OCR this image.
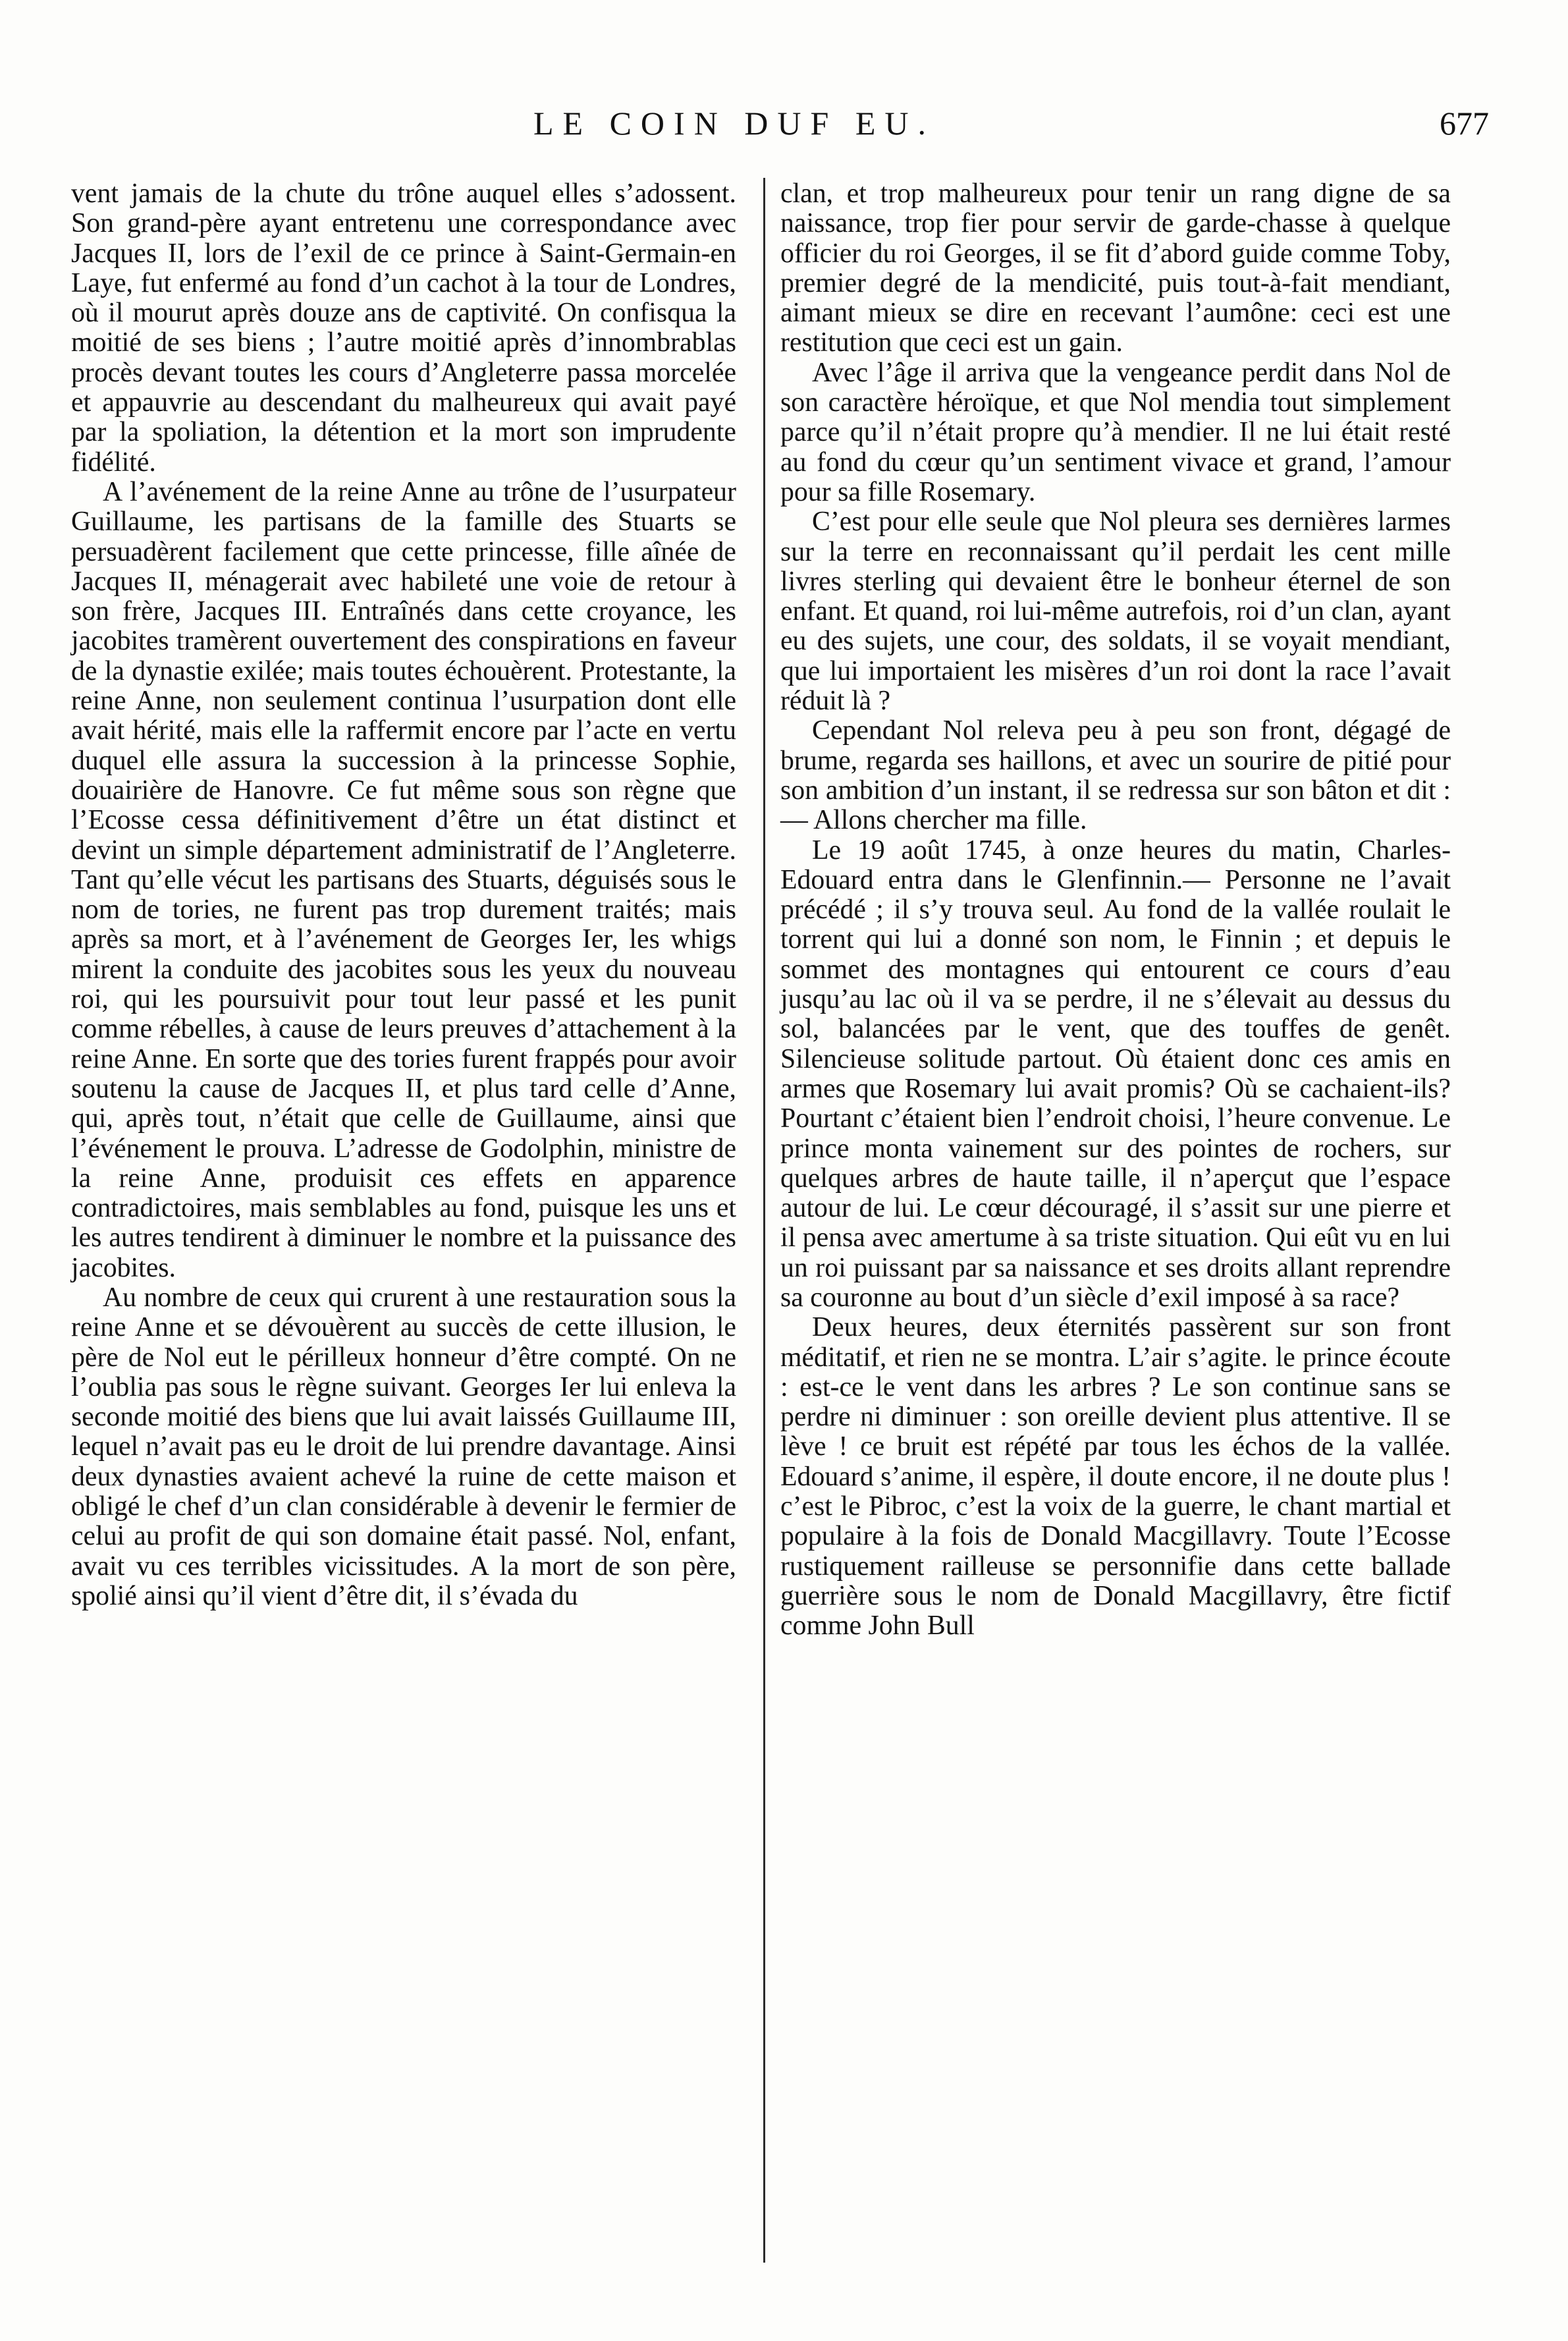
LE COIN DUF EU.	677

vent jamais de la chute du trône auquel elles s’adossent. Son grand-père ayant entretenu une correspondance avec Jacques II, lors de l’exil de ce prince à Saint-Germain-en Laye, fut enfermé au fond d’un cachot à la tour de Londres, où il mourut après douze ans de captivité. On confisqua la moitié de ses biens ; l’autre moitié après d’innombrablas procès devant toutes les cours d’Angleterre passa morcelée et appauvrie au descendant du malheureux qui avait payé par la spoliation, la détention et la mort son imprudente fidélité.

A l’avénement de la reine Anne au trône de l’usurpateur Guillaume, les partisans de la famille des Stuarts se persuadèrent facilement que cette princesse, fille aînée de Jacques II, ménagerait avec habileté une voie de retour à son frère, Jacques III. Entraînés dans cette croyance, les jacobites tramèrent ouvertement des conspirations en faveur de la dynastie exilée; mais toutes échouèrent. Protestante, la reine Anne, non seulement continua l’usurpation dont elle avait hérité, mais elle la raffermit encore par l’acte en vertu duquel elle assura la succession à la princesse Sophie, douairière de Hanovre. Ce fut même sous son règne que l’Ecosse cessa définitivement d’être un état distinct et devint un simple département administratif de l’Angleterre. Tant qu’elle vécut les partisans des Stuarts, déguisés sous le nom de tories, ne furent pas trop durement traités; mais après sa mort, et à l’avénement de Georges Ier, les whigs mirent la conduite des jacobites sous les yeux du nouveau roi, qui les poursuivit pour tout leur passé et les punit comme rébelles, à cause de leurs preuves d’attachement à la reine Anne. En sorte que des tories furent frappés pour avoir soutenu la cause de Jacques II, et plus tard celle d’Anne, qui, après tout, n’était que celle de Guillaume, ainsi que l’événement le prouva. L’adresse de Godolphin, ministre de la reine Anne, produisit ces effets en apparence contradictoires, mais semblables au fond, puisque les uns et les autres tendirent à diminuer le nombre et la puissance des jacobites.

Au nombre de ceux qui crurent à une restauration sous la reine Anne et se dévouèrent au succès de cette illusion, le père de Nol eut le périlleux honneur d’être compté. On ne l’oublia pas sous le règne suivant. Georges Ier lui enleva la seconde moitié des biens que lui avait laissés Guillaume III, lequel n’avait pas eu le droit de lui prendre davantage. Ainsi deux dynasties avaient achevé la ruine de cette maison et obligé le chef d’un clan considérable à devenir le fermier de celui au profit de qui son domaine était passé. Nol, enfant, avait vu ces terribles vicissitudes. A la mort de son père, spolié ainsi qu’il vient d’être dit, il s’évada du

clan, et trop malheureux pour tenir un rang digne de sa naissance, trop fier pour servir de garde-chasse à quelque officier du roi Georges, il se fit d’abord guide comme Toby, premier degré de la mendicité, puis tout-à-fait mendiant, aimant mieux se dire en recevant l’aumône: ceci est une restitution que ceci est un gain.

Avec l’âge il arriva que la vengeance perdit dans Nol de son caractère héroïque, et que Nol mendia tout simplement parce qu’il n’était propre qu’à mendier. Il ne lui était resté au fond du cœur qu’un sentiment vivace et grand, l’amour pour sa fille Rosemary.

C’est pour elle seule que Nol pleura ses dernières larmes sur la terre en reconnaissant qu’il perdait les cent mille livres sterling qui devaient être le bonheur éternel de son enfant. Et quand, roi lui-même autrefois, roi d’un clan, ayant eu des sujets, une cour, des soldats, il se voyait mendiant, que lui importaient les misères d’un roi dont la race l’avait réduit là ?

Cependant Nol releva peu à peu son front, dégagé de brume, regarda ses haillons, et avec un sourire de pitié pour son ambition d’un instant, il se redressa sur son bâton et dit : — Allons chercher ma fille.

Le 19 août 1745, à onze heures du matin, Charles-Edouard entra dans le Glenfinnin.— Personne ne l’avait précédé ; il s’y trouva seul. Au fond de la vallée roulait le torrent qui lui a donné son nom, le Finnin ; et depuis le sommet des montagnes qui entourent ce cours d’eau jusqu’au lac où il va se perdre, il ne s’élevait au dessus du sol, balancées par le vent, que des touffes de genêt. Silencieuse solitude partout. Où étaient donc ces amis en armes que Rosemary lui avait promis? Où se cachaient-ils? Pourtant c’étaient bien l’endroit choisi, l’heure convenue. Le prince monta vainement sur des pointes de rochers, sur quelques arbres de haute taille, il n’aperçut que l’espace autour de lui. Le cœur découragé, il s’assit sur une pierre et il pensa avec amertume à sa triste situation. Qui eût vu en lui un roi puissant par sa naissance et ses droits allant reprendre sa couronne au bout d’un siècle d’exil imposé à sa race?

Deux heures, deux éternités passèrent sur son front méditatif, et rien ne se montra. L’air s’agite. le prince écoute : est-ce le vent dans les arbres ? Le son continue sans se perdre ni diminuer : son oreille devient plus attentive. Il se lève ! ce bruit est répété par tous les échos de la vallée. Edouard s’anime, il espère, il doute encore, il ne doute plus ! c’est le Pibroc, c’est la voix de la guerre, le chant martial et populaire à la fois de Donald Macgillavry. Toute l’Ecosse rustiquement railleuse se personnifie dans cette ballade guerrière sous le nom de Donald Macgillavry, être fictif comme John Bull
